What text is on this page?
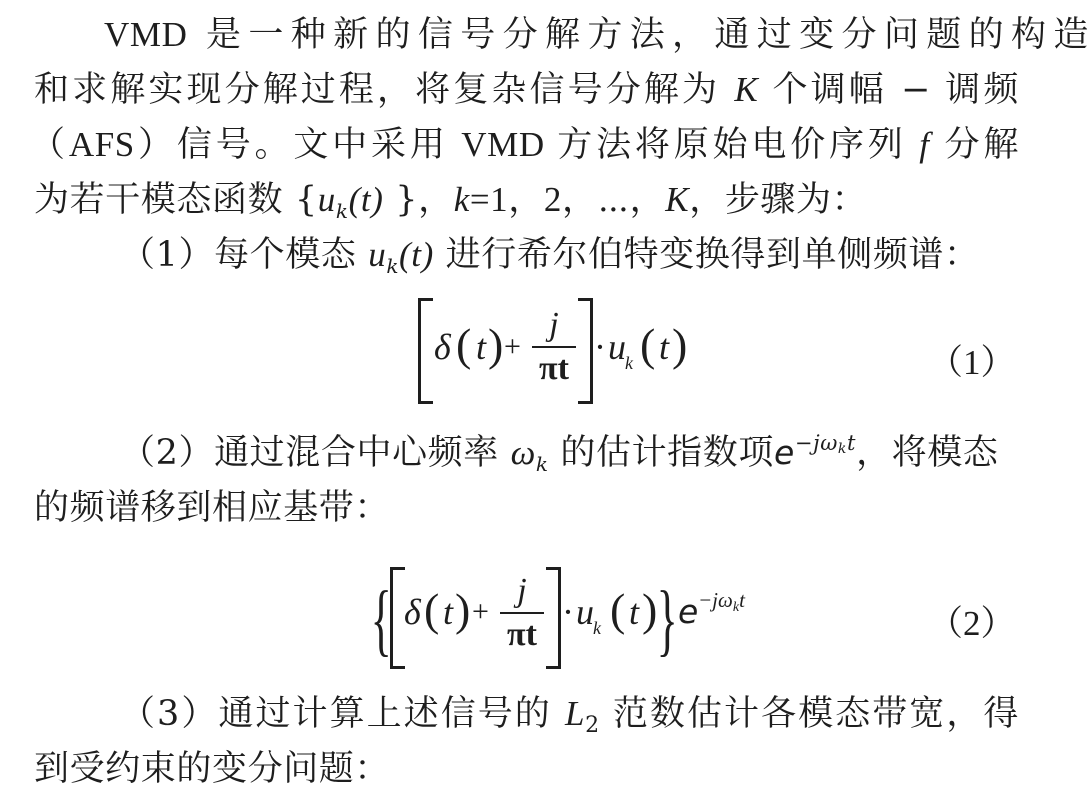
VMD 是一种新的信号分解方法，通过变分问题的构造
和求解实现分解过程，将复杂信号分解为 K 个调幅 − 调频
（AFS）信号。文中采用 VMD 方法将原始电价序列 f 分解
为若干模态函数 {$u_k(t)$ }，k=1，2，⋯，K，步骤为：
（1）每个模态 $u_k(t)$ 进行希尔伯特变换得到单侧频谱：
δ ( t ) +
j
πt
· u k ( t )	（1）
（2）通过混合中心频率 $\omega_k$ 的估计指数项$e^{-j\omega_kt}$，将模态
的频谱移到相应基带：
{ δ ( t ) +
j
πt
· u k ( t ) } e −jωkt
（2）
（3）通过计算上述信号的 $L_2$ 范数估计各模态带宽，得
到受约束的变分问题：
